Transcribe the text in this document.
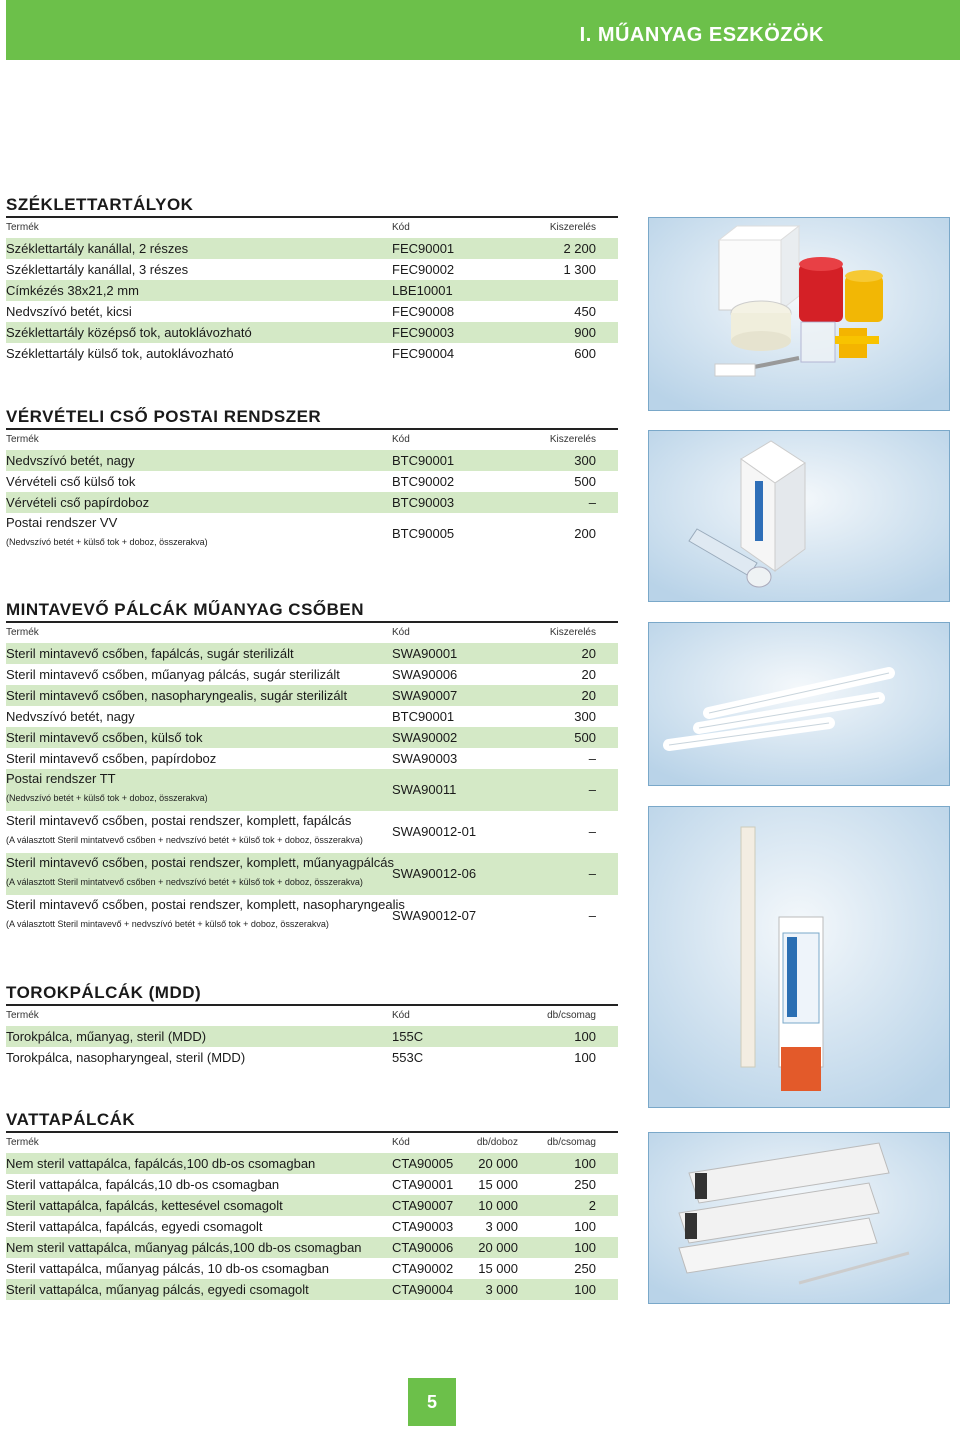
I. MŰANYAG ESZKÖZÖK
SZÉKLETTARTÁLYOK
Termék	Kód	Kiszerelés
Széklettartály kanállal, 2 részes	FEC90001	2 200
Széklettartály kanállal, 3 részes	FEC90002	1 300
Címkézés 38x21,2 mm	LBE10001
Nedvszívó betét, kicsi	FEC90008	450
Széklettartály középső tok, autoklávozható	FEC90003	900
Széklettartály külső tok, autoklávozható	FEC90004	600
VÉRVÉTELI CSŐ POSTAI RENDSZER
Termék	Kód	Kiszerelés
Nedvszívó betét, nagy	BTC90001	300
Vérvételi cső külső tok	BTC90002	500
Vérvételi cső papírdoboz	BTC90003	–
Postai rendszer VV
(Nedvszívó betét + külső tok + doboz, összerakva)
BTC90005	200
MINTAVEVŐ PÁLCÁK MŰANYAG CSŐBEN
Termék	Kód	Kiszerelés
Steril mintavevő csőben, fapálcás, sugár sterilizált	SWA90001	20
Steril mintavevő csőben, műanyag pálcás, sugár sterilizált	SWA90006	20
Steril mintavevő csőben, nasopharyngealis, sugár sterilizált	SWA90007	20
Nedvszívó betét, nagy	BTC90001	300
Steril mintavevő csőben, külső tok	SWA90002	500
Steril mintavevő csőben, papírdoboz	SWA90003	–
Postai rendszer TT
(Nedvszívó betét + külső tok + doboz, összerakva)
SWA90011	–
Steril mintavevő csőben, postai rendszer, komplett, fapálcás
(A választott Steril mintatvevő csőben + nedvszívó betét + külső tok + doboz, összerakva)
SWA90012-01	–
Steril mintavevő csőben, postai rendszer, komplett, műanyagpálcás
(A választott Steril mintatvevő csőben + nedvszívó betét + külső tok + doboz, összerakva)
SWA90012-06	–
Steril mintavevő csőben, postai rendszer, komplett, nasopharyngealis
(A választott Steril mintavevő + nedvszívó betét + külső tok + doboz, összerakva)
SWA90012-07	–
TOROKPÁLCÁK (MDD)
Termék	Kód	db/csomag
Torokpálca, műanyag, steril (MDD)	155C	100
Torokpálca, nasopharyngeal, steril (MDD)	553C	100
VATTAPÁLCÁK
Termék	Kód	db/doboz	db/csomag
Nem steril vattapálca, fapálcás,100 db-os csomagban	CTA90005 20 000	100
Steril vattapálca, fapálcás,10 db-os csomagban	CTA90001 15 000	250
Steril vattapálca, fapálcás, kettesével csomagolt	CTA90007 10 000	2
Steril vattapálca, fapálcás, egyedi csomagolt	CTA90003 3 000	100
Nem steril vattapálca, műanyag pálcás,100 db-os csomagban CTA90006 20 000	100
Steril vattapálca, műanyag pálcás, 10 db-os csomagban	CTA90002 15 000	250
Steril vattapálca, műanyag pálcás, egyedi csomagolt	CTA90004 3 000	100
5
